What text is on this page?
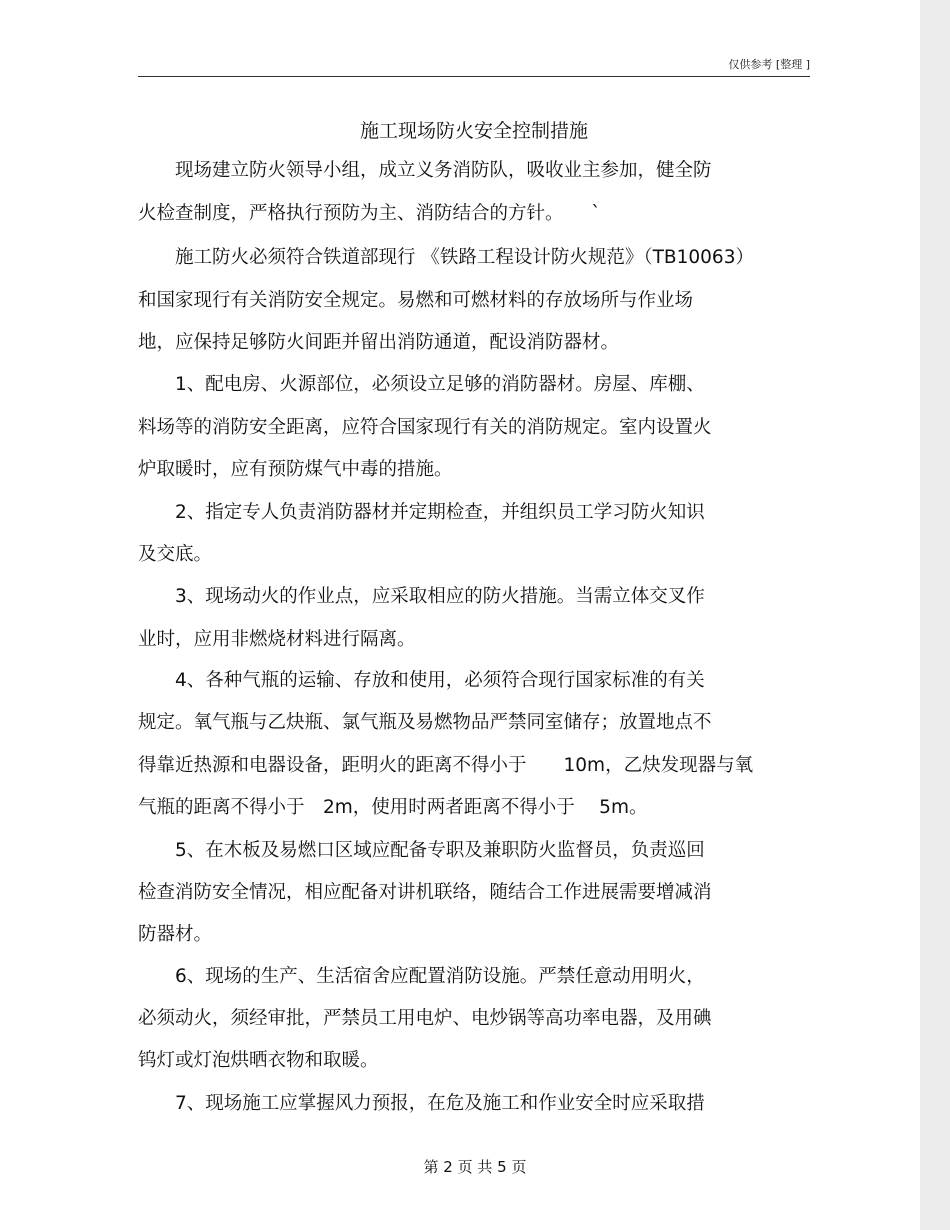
仅供参考 [整理 ]
施工现场防火安全控制措施
　　现场建立防火领导小组，成立义务消防队，吸收业主参加，健全防
火检查制度，严格执行预防为主、消防结合的方针。　　`
　　施工防火必须符合铁道部现行 《铁路工程设计防火规范》（TB10063）
和国家现行有关消防安全规定。易燃和可燃材料的存放场所与作业场
地，应保持足够防火间距并留出消防通道，配设消防器材。
　　1、配电房、火源部位，必须设立足够的消防器材。房屋、库棚、
料场等的消防安全距离，应符合国家现行有关的消防规定。室内设置火
炉取暖时，应有预防煤气中毒的措施。
　　2、指定专人负责消防器材并定期检查，并组织员工学习防火知识
及交底。
　　3、现场动火的作业点，应采取相应的防火措施。当需立体交叉作
业时，应用非燃烧材料进行隔离。
　　4、各种气瓶的运输、存放和使用，必须符合现行国家标准的有关
规定。氧气瓶与乙炔瓶、氯气瓶及易燃物品严禁同室储存；放置地点不
得靠近热源和电器设备，距明火的距离不得小于　　10m，乙炔发现器与氧
气瓶的距离不得小于　2m，使用时两者距离不得小于　 5m。
　　5、在木板及易燃口区域应配备专职及兼职防火监督员，负责巡回
检查消防安全情况，相应配备对讲机联络，随结合工作进展需要增减消
防器材。
　　6、现场的生产、生活宿舍应配置消防设施。严禁任意动用明火，
必须动火，须经审批，严禁员工用电炉、电炒锅等高功率电器，及用碘
钨灯或灯泡烘晒衣物和取暖。
　　7、现场施工应掌握风力预报，在危及施工和作业安全时应采取措
第 2 页 共 5 页
